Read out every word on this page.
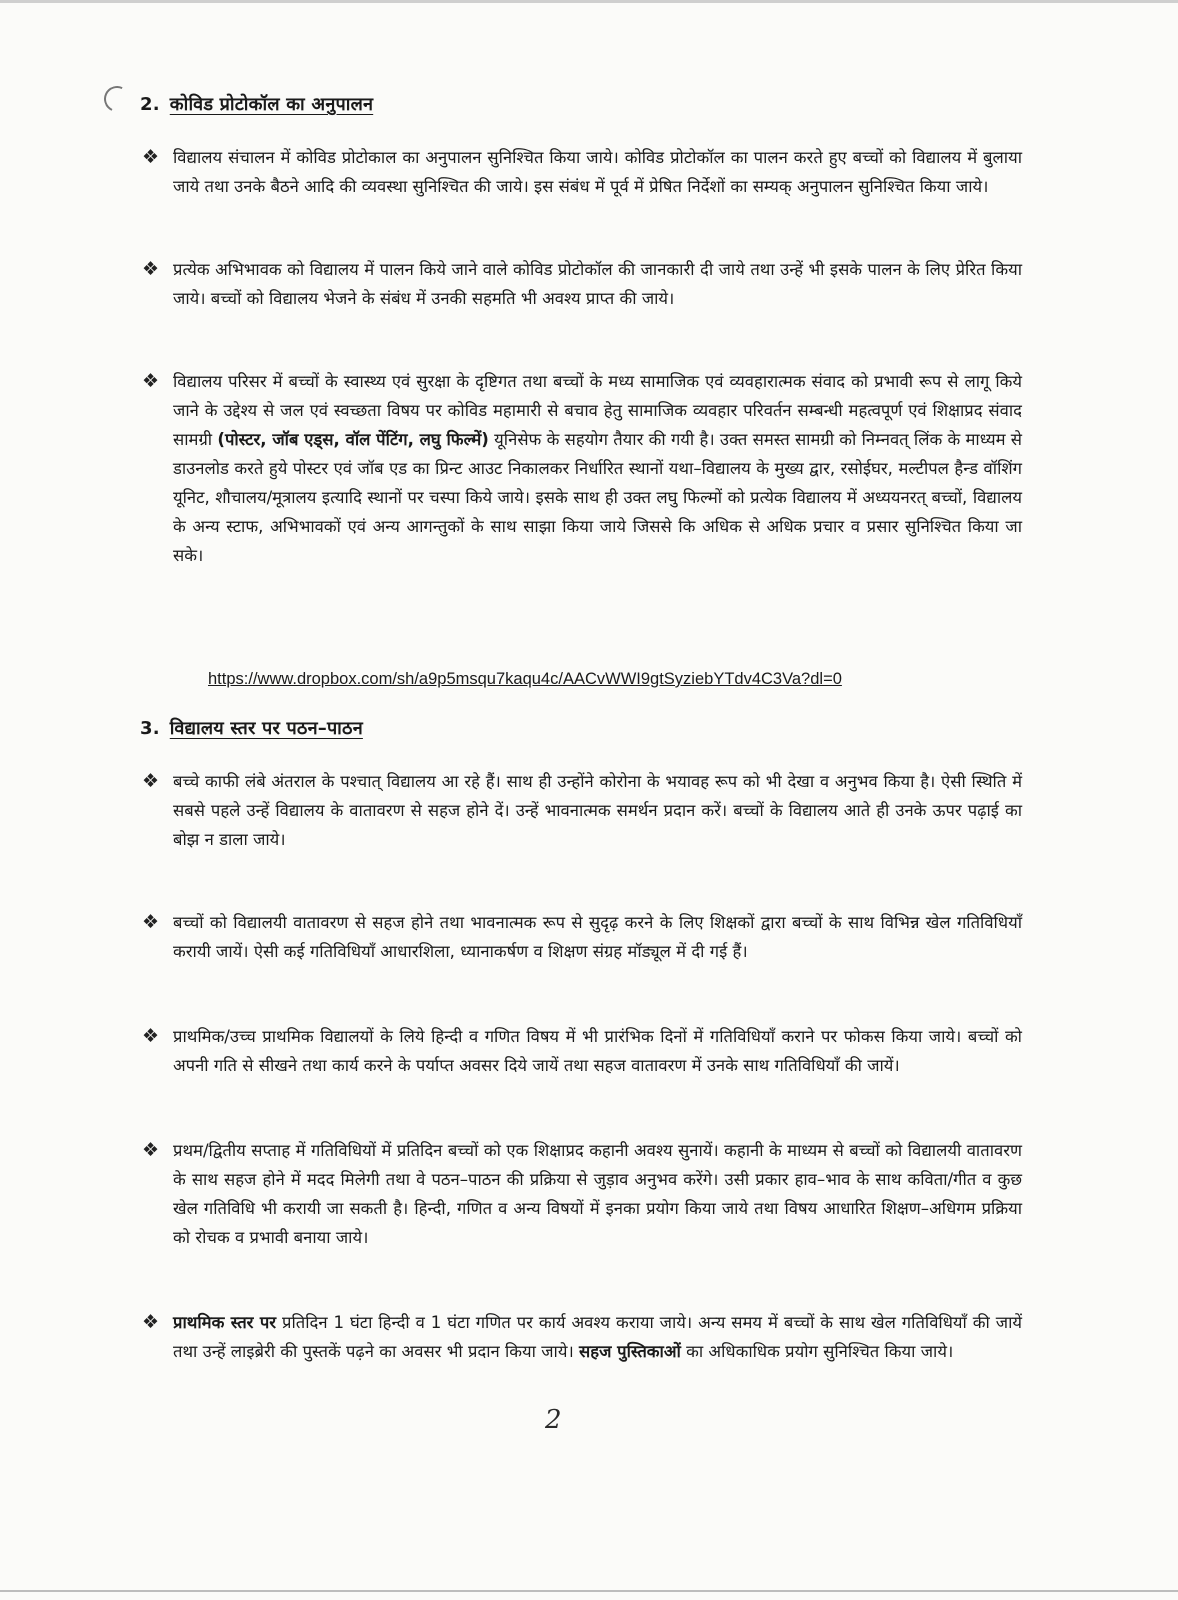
2. कोविड प्रोटोकॉल का अनुपालन
❖ विद्यालय संचालन में कोविड प्रोटोकाल का अनुपालन सुनिश्चित किया जाये। कोविड प्रोटोकॉल का पालन करते हुए बच्चों को विद्यालय में बुलाया जाये तथा उनके बैठने आदि की व्यवस्था सुनिश्चित की जाये। इस संबंध में पूर्व में प्रेषित निर्देशों का सम्यक् अनुपालन सुनिश्चित किया जाये।
❖ प्रत्येक अभिभावक को विद्यालय में पालन किये जाने वाले कोविड प्रोटोकॉल की जानकारी दी जाये तथा उन्हें भी इसके पालन के लिए प्रेरित किया जाये। बच्चों को विद्यालय भेजने के संबंध में उनकी सहमति भी अवश्य प्राप्त की जाये।
❖ विद्यालय परिसर में बच्चों के स्वास्थ्य एवं सुरक्षा के दृष्टिगत तथा बच्चों के मध्य सामाजिक एवं व्यवहारात्मक संवाद को प्रभावी रूप से लागू किये जाने के उद्देश्य से जल एवं स्वच्छता विषय पर कोविड महामारी से बचाव हेतु सामाजिक व्यवहार परिवर्तन सम्बन्धी महत्वपूर्ण एवं शिक्षाप्रद संवाद सामग्री (पोस्टर, जॉब एड्स, वॉल पेंटिंग, लघु फिल्में) यूनिसेफ के सहयोग तैयार की गयी है। उक्त समस्त सामग्री को निम्नवत् लिंक के माध्यम से डाउनलोड करते हुये पोस्टर एवं जॉब एड का प्रिन्ट आउट निकालकर निर्धारित स्थानों यथा–विद्यालय के मुख्य द्वार, रसोईघर, मल्टीपल हैन्ड वॉशिंग यूनिट, शौचालय/मूत्रालय इत्यादि स्थानों पर चस्पा किये जाये। इसके साथ ही उक्त लघु फिल्मों को प्रत्येक विद्यालय में अध्ययनरत् बच्चों, विद्यालय के अन्य स्टाफ, अभिभावकों एवं अन्य आगन्तुकों के साथ साझा किया जाये जिससे कि अधिक से अधिक प्रचार व प्रसार सुनिश्चित किया जा सके।
https://www.dropbox.com/sh/a9p5msqu7kaqu4c/AACvWWI9gtSyziebYTdv4C3Va?dl=0
3. विद्यालय स्तर पर पठन–पाठन
❖ बच्चे काफी लंबे अंतराल के पश्चात् विद्यालय आ रहे हैं। साथ ही उन्होंने कोरोना के भयावह रूप को भी देखा व अनुभव किया है। ऐसी स्थिति में सबसे पहले उन्हें विद्यालय के वातावरण से सहज होने दें। उन्हें भावनात्मक समर्थन प्रदान करें। बच्चों के विद्यालय आते ही उनके ऊपर पढ़ाई का बोझ न डाला जाये।
❖ बच्चों को विद्यालयी वातावरण से सहज होने तथा भावनात्मक रूप से सुदृढ़ करने के लिए शिक्षकों द्वारा बच्चों के साथ विभिन्न खेल गतिविधियाँ करायी जायें। ऐसी कई गतिविधियाँ आधारशिला, ध्यानाकर्षण व शिक्षण संग्रह मॉड्यूल में दी गई हैं।
❖ प्राथमिक/उच्च प्राथमिक विद्यालयों के लिये हिन्दी व गणित विषय में भी प्रारंभिक दिनों में गतिविधियाँ कराने पर फोकस किया जाये। बच्चों को अपनी गति से सीखने तथा कार्य करने के पर्याप्त अवसर दिये जायें तथा सहज वातावरण में उनके साथ गतिविधियाँ की जायें।
❖ प्रथम/द्वितीय सप्ताह में गतिविधियों में प्रतिदिन बच्चों को एक शिक्षाप्रद कहानी अवश्य सुनायें। कहानी के माध्यम से बच्चों को विद्यालयी वातावरण के साथ सहज होने में मदद मिलेगी तथा वे पठन–पाठन की प्रक्रिया से जुड़ाव अनुभव करेंगे। उसी प्रकार हाव–भाव के साथ कविता/गीत व कुछ खेल गतिविधि भी करायी जा सकती है। हिन्दी, गणित व अन्य विषयों में इनका प्रयोग किया जाये तथा विषय आधारित शिक्षण–अधिगम प्रक्रिया को रोचक व प्रभावी बनाया जाये।
❖ प्राथमिक स्तर पर प्रतिदिन 1 घंटा हिन्दी व 1 घंटा गणित पर कार्य अवश्य कराया जाये। अन्य समय में बच्चों के साथ खेल गतिविधियाँ की जायें तथा उन्हें लाइब्रेरी की पुस्तकें पढ़ने का अवसर भी प्रदान किया जाये। सहज पुस्तिकाओं का अधिकाधिक प्रयोग सुनिश्चित किया जाये।
2
